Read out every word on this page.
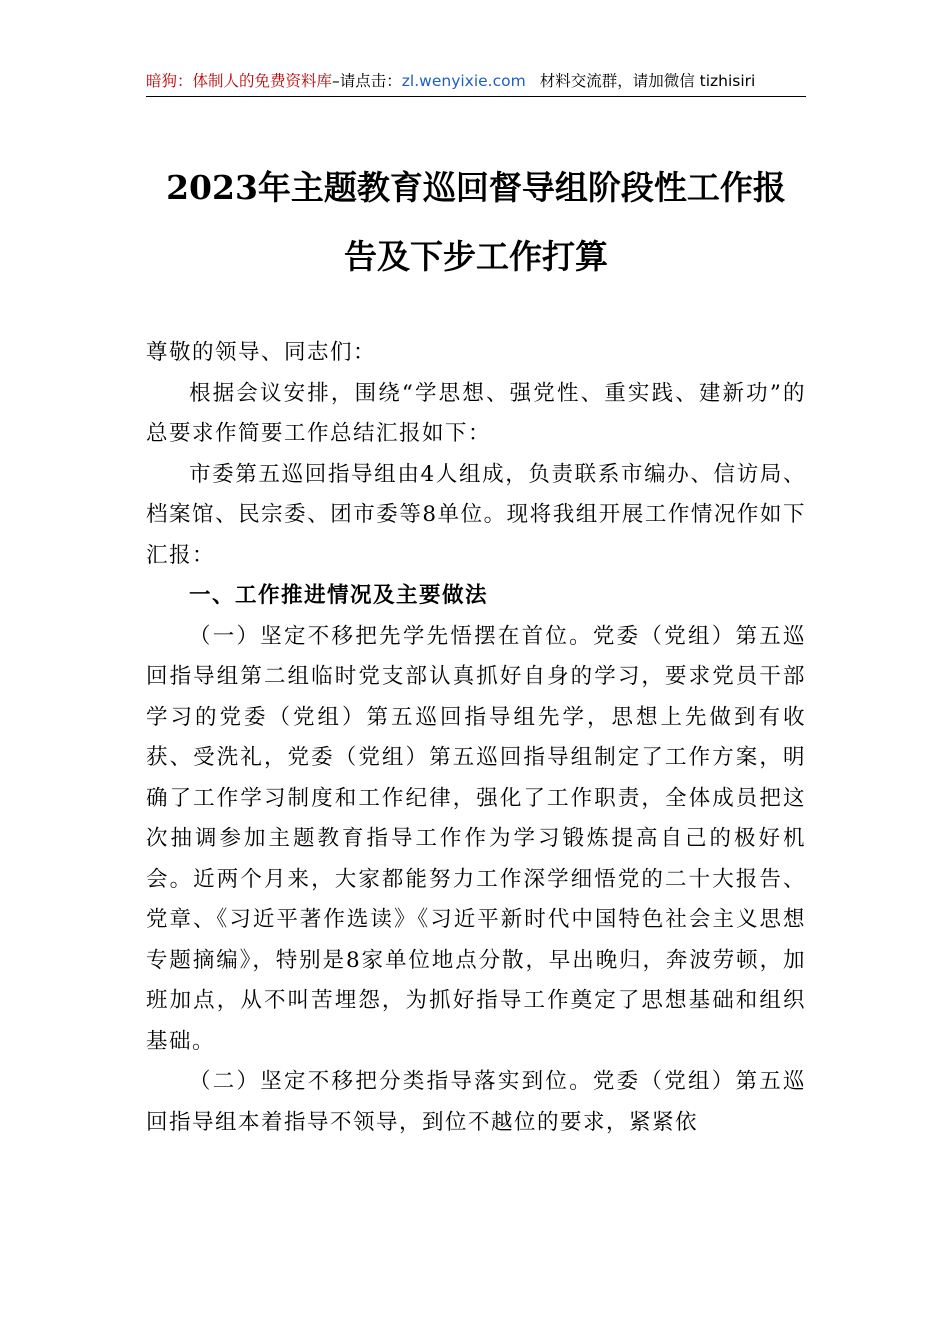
暗狗：体制人的免费资料库–请点击：zl.wenyixie.com 材料交流群，请加微信 tizhisiri
2023年主题教育巡回督导组阶段性工作报
告及下步工作打算

尊敬的领导、同志们：

根据会议安排，围绕“学思想、强党性、重实践、建新功”的总要求作简要工作总结汇报如下：

市委第五巡回指导组由4人组成，负责联系市编办、信访局、档案馆、民宗委、团市委等8单位。现将我组开展工作情况作如下汇报：

一、工作推进情况及主要做法

（一）坚定不移把先学先悟摆在首位。党委（党组）第五巡回指导组第二组临时党支部认真抓好自身的学习，要求党员干部学习的党委（党组）第五巡回指导组先学，思想上先做到有收获、受洗礼，党委（党组）第五巡回指导组制定了工作方案，明确了工作学习制度和工作纪律，强化了工作职责，全体成员把这次抽调参加主题教育指导工作作为学习锻炼提高自己的极好机会。近两个月来，大家都能努力工作深学细悟党的二十大报告、党章、《习近平著作选读》《习近平新时代中国特色社会主义思想专题摘编》，特别是8家单位地点分散，早出晚归，奔波劳顿，加班加点，从不叫苦埋怨，为抓好指导工作奠定了思想基础和组织基础。

（二）坚定不移把分类指导落实到位。党委（党组）第五巡回指导组本着指导不领导，到位不越位的要求，紧紧依
